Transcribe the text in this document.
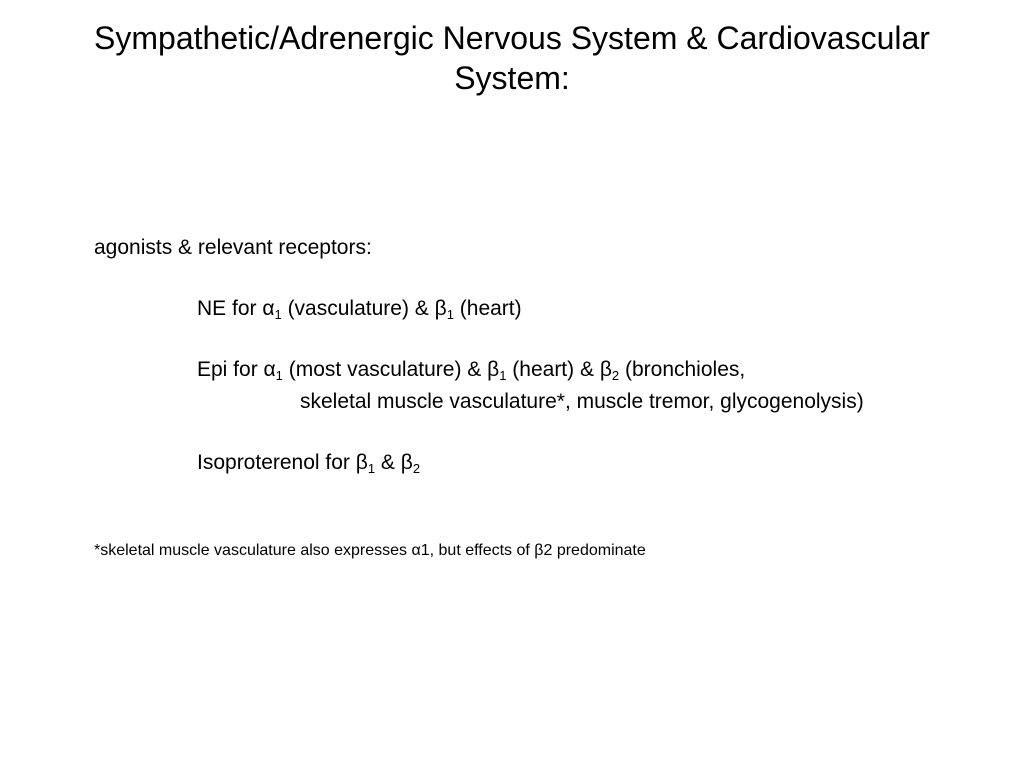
Sympathetic/Adrenergic Nervous System & Cardiovascular
System:
agonists & relevant receptors:
NE for $\alpha_1$ (vasculature) & $\beta_1$ (heart)
Epi for $\alpha_1$ (most vasculature) & $\beta_1$ (heart) & $\beta_2$ (bronchioles,
skeletal muscle vasculature*, muscle tremor, glycogenolysis)
Isoproterenol for $\beta_1$ & $\beta_2$
*skeletal muscle vasculature also expresses α1, but effects of β2 predominate
